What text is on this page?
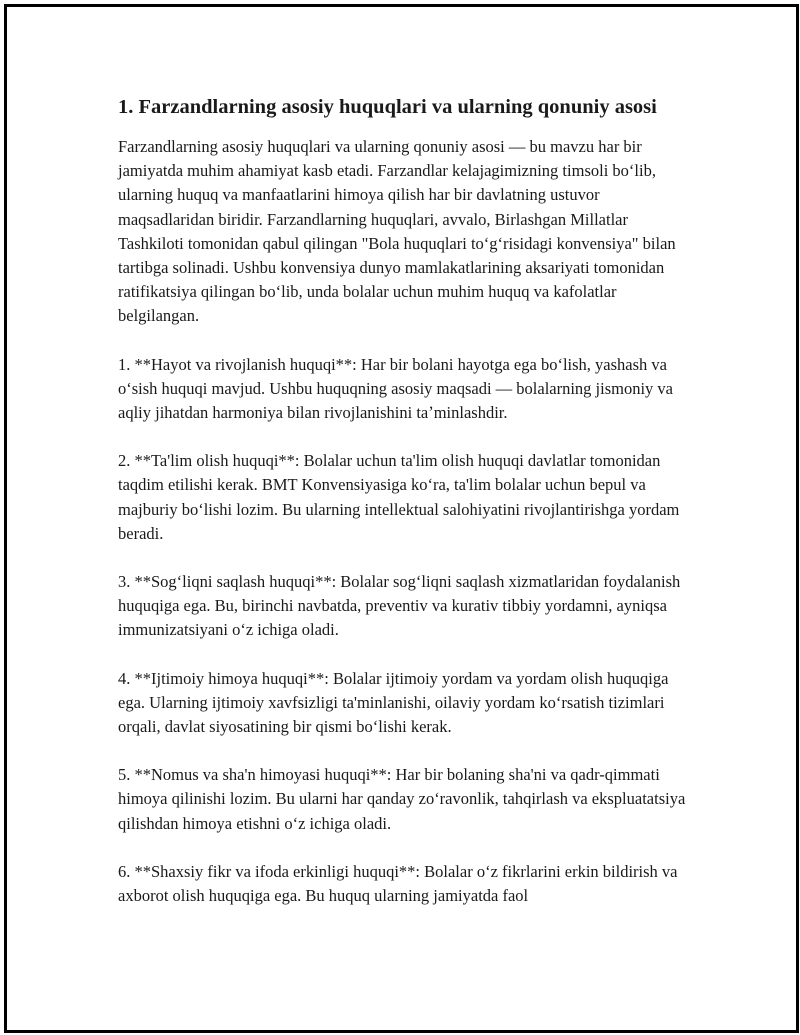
1. Farzandlarning asosiy huquqlari va ularning qonuniy asosi

Farzandlarning asosiy huquqlari va ularning qonuniy asosi — bu mavzu har bir jamiyatda muhim ahamiyat kasb etadi. Farzandlar kelajagimizning timsoli boʻlib, ularning huquq va manfaatlarini himoya qilish har bir davlatning ustuvor maqsadlaridan biridir. Farzandlarning huquqlari, avvalo, Birlashgan Millatlar Tashkiloti tomonidan qabul qilingan "Bola huquqlari toʻgʻrisidagi konvensiya" bilan tartibga solinadi. Ushbu konvensiya dunyo mamlakatlarining aksariyati tomonidan ratifikatsiya qilingan boʻlib, unda bolalar uchun muhim huquq va kafolatlar belgilangan.

1. **Hayot va rivojlanish huquqi**: Har bir bolani hayotga ega boʻlish, yashash va oʻsish huquqi mavjud. Ushbu huquqning asosiy maqsadi — bolalarning jismoniy va aqliy jihatdan harmoniya bilan rivojlanishini taʼminlashdir.

2. **Ta'lim olish huquqi**: Bolalar uchun ta'lim olish huquqi davlatlar tomonidan taqdim etilishi kerak. BMT Konvensiyasiga koʻra, ta'lim bolalar uchun bepul va majburiy boʻlishi lozim. Bu ularning intellektual salohiyatini rivojlantirishga yordam beradi.

3. **Sogʻliqni saqlash huquqi**: Bolalar sogʻliqni saqlash xizmatlaridan foydalanish huquqiga ega. Bu, birinchi navbatda, preventiv va kurativ tibbiy yordamni, ayniqsa immunizatsiyani oʻz ichiga oladi.

4. **Ijtimoiy himoya huquqi**: Bolalar ijtimoiy yordam va yordam olish huquqiga ega. Ularning ijtimoiy xavfsizligi ta'minlanishi, oilaviy yordam koʻrsatish tizimlari orqali, davlat siyosatining bir qismi boʻlishi kerak.

5. **Nomus va sha'n himoyasi huquqi**: Har bir bolaning sha'ni va qadr-qimmati himoya qilinishi lozim. Bu ularni har qanday zoʻravonlik, tahqirlash va ekspluatatsiya qilishdan himoya etishni oʻz ichiga oladi.

6. **Shaxsiy fikr va ifoda erkinligi huquqi**: Bolalar oʻz fikrlarini erkin bildirish va axborot olish huquqiga ega. Bu huquq ularning jamiyatda faol
